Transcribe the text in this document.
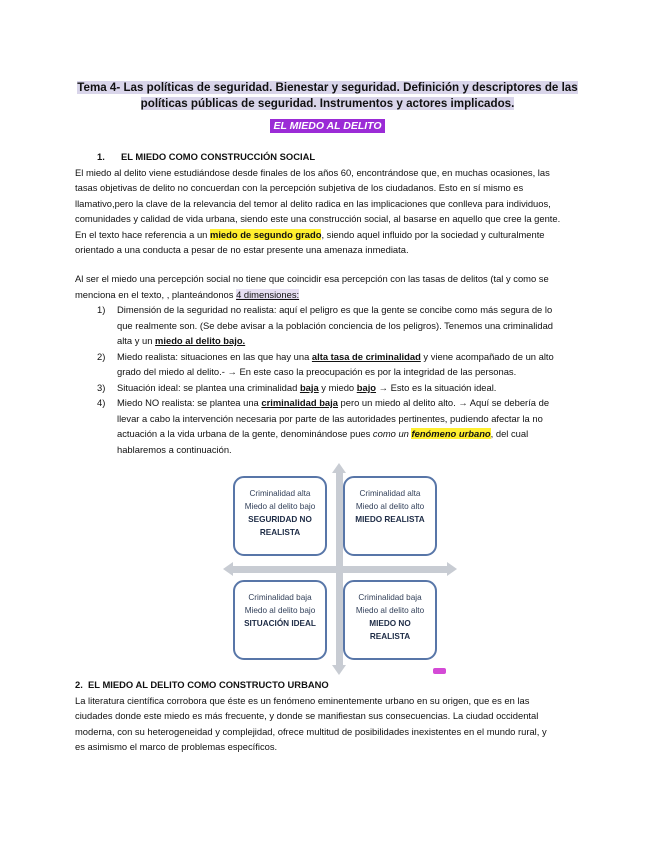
Tema 4- Las políticas de seguridad. Bienestar y seguridad. Definición y descriptores de las
políticas públicas de seguridad. Instrumentos y actores implicados.
EL MIEDO AL DELITO
1. EL MIEDO COMO CONSTRUCCIÓN SOCIAL
El miedo al delito viene estudiándose desde finales de los años 60, encontrándose que, en muchas ocasiones, las
tasas objetivas de delito no concuerdan con la percepción subjetiva de los ciudadanos. Esto en sí mismo es
llamativo,pero la clave de la relevancia del temor al delito radica en las implicaciones que conlleva para individuos,
comunidades y calidad de vida urbana, siendo este una construcción social, al basarse en aquello que cree la gente.
En el texto hace referencia a un miedo de segundo grado, siendo aquel influido por la sociedad y culturalmente
orientado a una conducta a pesar de no estar presente una amenaza inmediata.
Al ser el miedo una percepción social no tiene que coincidir esa percepción con las tasas de delitos (tal y como se
menciona en el texto, , planteándonos 4 dimensiones:
1) Dimensión de la seguridad no realista: aquí el peligro es que la gente se concibe como más segura de lo
que realmente son. (Se debe avisar a la población conciencia de los peligros). Tenemos una criminalidad
alta y un miedo al delito bajo.
2) Miedo realista: situaciones en las que hay una alta tasa de criminalidad y viene acompañado de un alto
grado del miedo al delito.- → En este caso la preocupación es por la integridad de las personas.
3) Situación ideal: se plantea una criminalidad baja y miedo bajo → Esto es la situación ideal.
4) Miedo NO realista: se plantea una criminalidad baja pero un miedo al delito alto. → Aquí se debería de
llevar a cabo la intervención necesaria por parte de las autoridades pertinentes, pudiendo afectar la no
actuación a la vida urbana de la gente, denominándose pues como un fenómeno urbano, del cual
hablaremos a continuación.
Criminalidad alta
Miedo al delito bajo
SEGURIDAD NO
REALISTA
Criminalidad alta
Miedo al delito alto
MIEDO REALISTA
Criminalidad baja
Miedo al delito bajo
SITUACIÓN IDEAL
Criminalidad baja
Miedo al delito alto
MIEDO NO
REALISTA
2. EL MIEDO AL DELITO COMO CONSTRUCTO URBANO
La literatura científica corrobora que éste es un fenómeno eminentemente urbano en su origen, que es en las
ciudades donde este miedo es más frecuente, y donde se manifiestan sus consecuencias. La ciudad occidental
moderna, con su heterogeneidad y complejidad, ofrece multitud de posibilidades inexistentes en el mundo rural, y
es asimismo el marco de problemas específicos.
